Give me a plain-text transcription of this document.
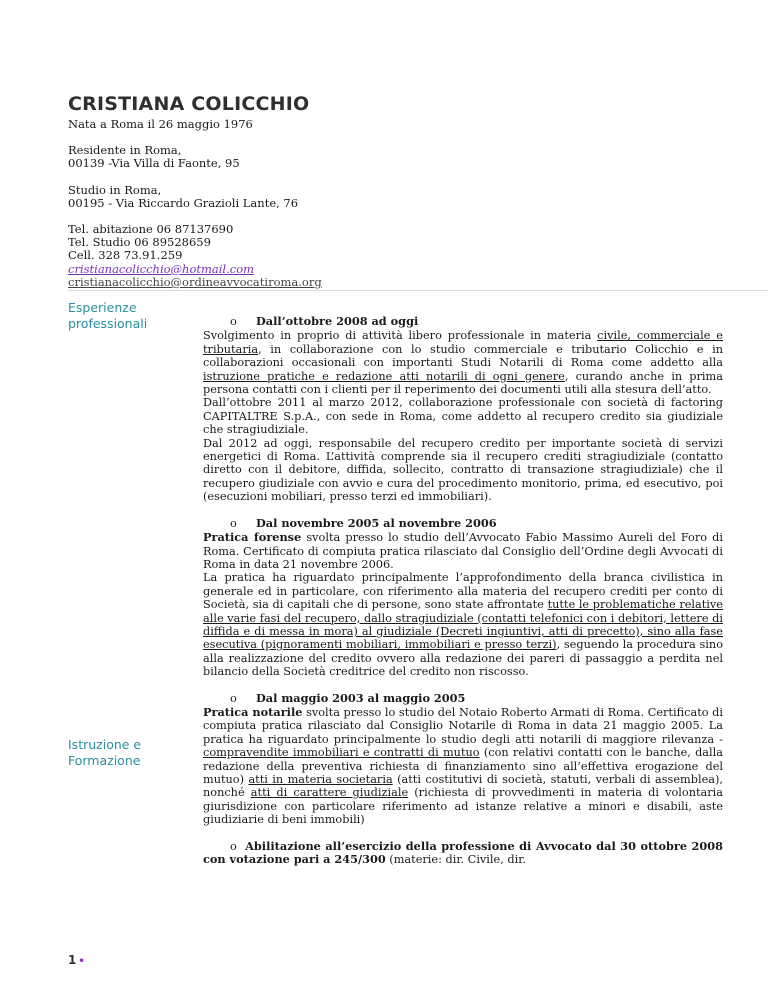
CRISTIANA COLICCHIO
Nata a Roma il 26 maggio 1976
Residente in Roma,
00139 -Via Villa di Faonte, 95
Studio in Roma,
00195 - Via Riccardo Grazioli Lante, 76
Tel. abitazione 06 87137690
Tel. Studio 06 89528659
Cell. 328 73.91.259
cristianacolicchio@hotmail.com
cristianacolicchio@ordineavvocatiroma.org
Esperienze professionali
Istruzione e Formazione
o Dall’ottobre 2008 ad oggi

Svolgimento in proprio di attività libero professionale in materia civile, commerciale e tributaria, in collaborazione con lo studio commerciale e tributario Colicchio e in collaborazioni occasionali con importanti Studi Notarili di Roma come addetto alla istruzione pratiche e redazione atti notarili di ogni genere, curando anche in prima persona contatti con i clienti per il reperimento dei documenti utili alla stesura dell’atto.

Dall’ottobre 2011 al marzo 2012, collaborazione professionale con società di factoring CAPITALTRE S.p.A., con sede in Roma, come addetto al recupero credito sia giudiziale che stragiudiziale.

Dal 2012 ad oggi, responsabile del recupero credito per importante società di servizi energetici di Roma. L’attività comprende sia il recupero crediti stragiudiziale (contatto diretto con il debitore, diffida, sollecito, contratto di transazione stragiudiziale) che il recupero giudiziale con avvio e cura del procedimento monitorio, prima, ed esecutivo, poi (esecuzioni mobiliari, presso terzi ed immobiliari).

o Dal novembre 2005 al novembre 2006

Pratica forense svolta presso lo studio dell’Avvocato Fabio Massimo Aureli del Foro di Roma. Certificato di compiuta pratica rilasciato dal Consiglio dell’Ordine degli Avvocati di Roma in data 21 novembre 2006.

La pratica ha riguardato principalmente l’approfondimento della branca civilistica in generale ed in particolare, con riferimento alla materia del recupero crediti per conto di Società, sia di capitali che di persone, sono state affrontate tutte le problematiche relative alle varie fasi del recupero, dallo stragiudiziale (contatti telefonici con i debitori, lettere di diffida e di messa in mora) al giudiziale (Decreti ingiuntivi, atti di precetto), sino alla fase esecutiva (pignoramenti mobiliari, immobiliari e presso terzi), seguendo la procedura sino alla realizzazione del credito ovvero alla redazione dei pareri di passaggio a perdita nel bilancio della Società creditrice del credito non riscosso.

o Dal maggio 2003 al maggio 2005

Pratica notarile svolta presso lo studio del Notaio Roberto Armati di Roma. Certificato di compiuta pratica rilasciato dal Consiglio Notarile di Roma in data 21 maggio 2005. La pratica ha riguardato principalmente lo studio degli atti notarili di maggiore rilevanza - compravendite immobiliari e contratti di mutuo (con relativi contatti con le banche, dalla redazione della preventiva richiesta di finanziamento sino all’effettiva erogazione del mutuo) atti in materia societaria (atti costitutivi di società, statuti, verbali di assemblea), nonché atti di carattere giudiziale (richiesta di provvedimenti in materia di volontaria giurisdizione con particolare riferimento ad istanze relative a minori e disabili, aste giudiziarie di beni immobili)

o  Abilitazione all’esercizio della professione di Avvocato dal 30 ottobre 2008 con votazione pari a 245/300 (materie: dir. Civile, dir.

1 •
